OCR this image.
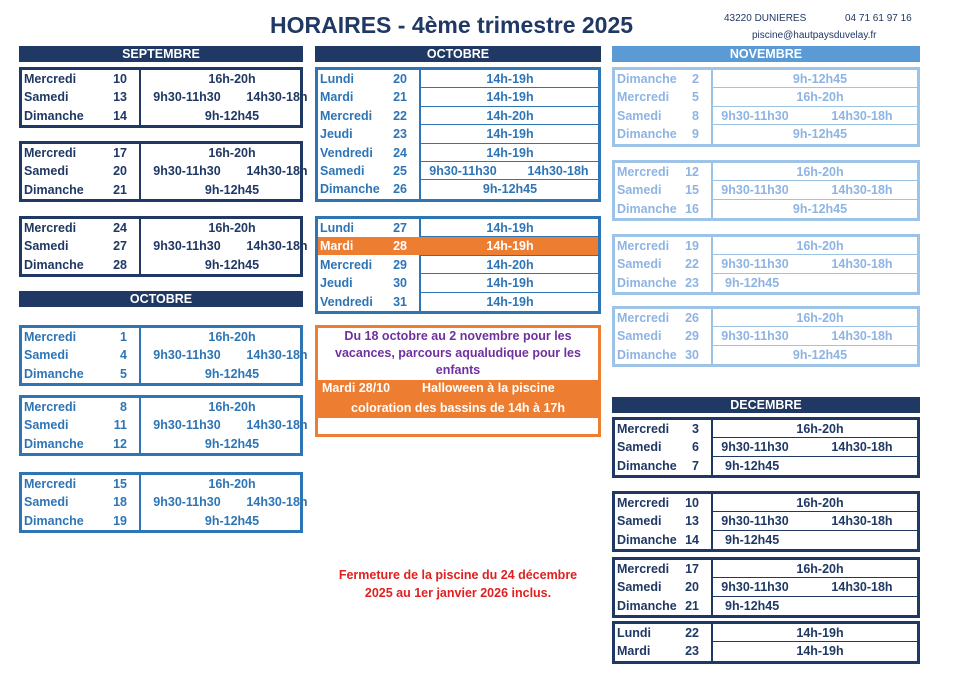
HORAIRES - 4ème trimestre 2025	43220 DUNIERES	04 71 61 97 16
piscine@hautpaysduvelay.fr
SEPTEMBRE
OCTOBRE
OCTOBRE	NOVEMBRE
DECEMBRE
Mercredi	10	16h-20h
Samedi	13	9h30-11h30	14h30-18h
Dimanche 14	9h-12h45
Mercredi	17	16h-20h
Samedi	20	9h30-11h30	14h30-18h
Dimanche 21	9h-12h45
Mercredi	24	16h-20h
Samedi	27	9h30-11h30	14h30-18h
Dimanche 28	9h-12h45
Mercredi	1	16h-20h
Samedi	4	9h30-11h30	14h30-18h
Dimanche	5	9h-12h45
Mercredi	8	16h-20h
Samedi	11	9h30-11h30	14h30-18h
Dimanche 12	9h-12h45
Mercredi	15	16h-20h
Samedi	18	9h30-11h30	14h30-18h
Dimanche 19	9h-12h45
Lundi	20	14h-19h
Mardi	21	14h-19h
Mercredi 22	14h-20h
Jeudi	23	14h-19h
Vendredi 24	14h-19h
Samedi 25	9h30-11h30	14h30-18h
Dimanche 26	9h-12h45
Lundi	27	14h-19h
Mardi	28	14h-19h
Mercredi 29	14h-20h
Jeudi	30	14h-19h
Vendredi 31	14h-19h
Dimanche 2	9h-12h45
Mercredi 5	16h-20h
Samedi 8	9h30-11h30	14h30-18h
Dimanche 9	9h-12h45
Mercredi 12	16h-20h
Samedi 15	9h30-11h30	14h30-18h
Dimanche 16	9h-12h45
Mercredi 19	16h-20h
Samedi 22	9h30-11h30	14h30-18h
Dimanche 23 9h-12h45
Mercredi 26	16h-20h
Samedi 29	9h30-11h30	14h30-18h
Dimanche 30	9h-12h45
Mercredi 3	16h-20h
Samedi 6	9h30-11h30	14h30-18h
Dimanche 7 9h-12h45
Mercredi 10	16h-20h
Samedi 13	9h30-11h30	14h30-18h
Dimanche 14 9h-12h45
Mercredi 17	16h-20h
Samedi 20	9h30-11h30	14h30-18h
Dimanche 21 9h-12h45
Lundi	22	14h-19h
Mardi	23	14h-19h
Du 18 octobre au 2 novembre pour les vacances, parcours aqualudique pour les enfants
Mardi 28/10	Halloween à la piscine
coloration des bassins de 14h à 17h
Fermeture de la piscine du 24 décembre
2025 au 1er janvier 2026 inclus.
